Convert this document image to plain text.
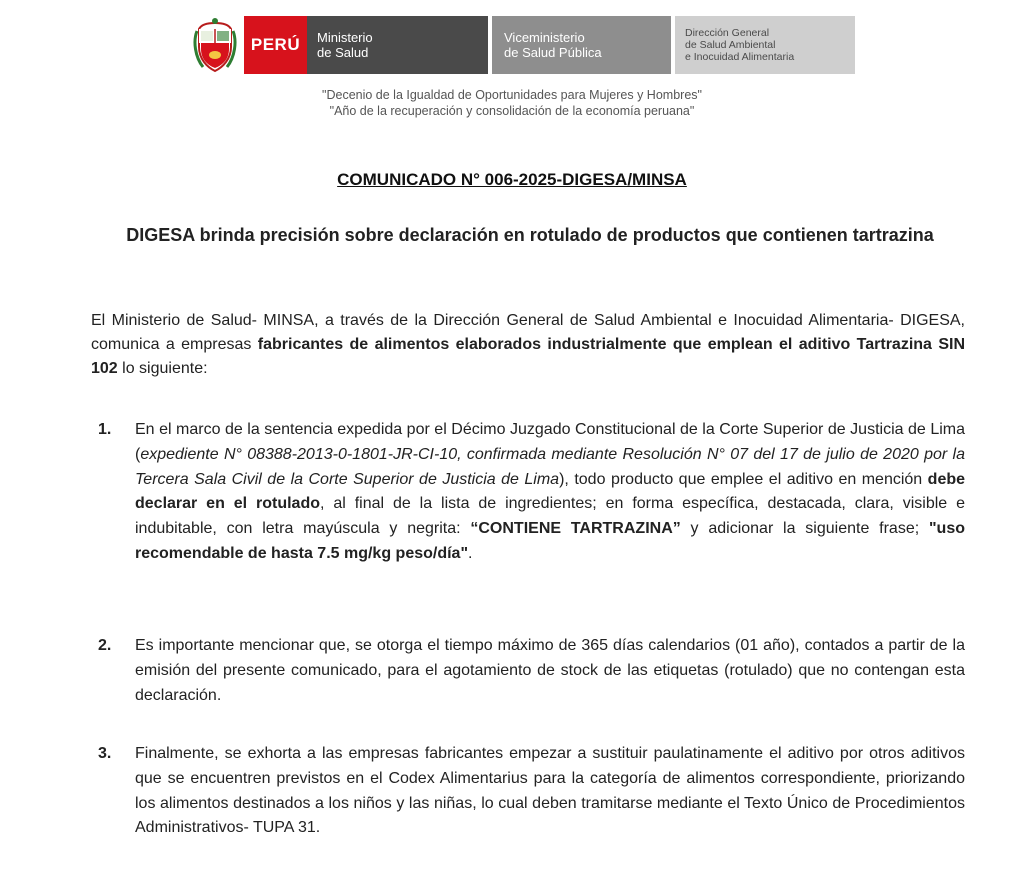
PERÚ Ministerio
de Salud
Viceministerio
de Salud Pública
Dirección General
de Salud Ambiental
e Inocuidad Alimentaria
"Decenio de la Igualdad de Oportunidades para Mujeres y Hombres"
"Año de la recuperación y consolidación de la economía peruana"
COMUNICADO N° 006-2025-DIGESA/MINSA
DIGESA brinda precisión sobre declaración en rotulado de productos que contienen tartrazina
El Ministerio de Salud- MINSA, a través de la Dirección General de Salud Ambiental e Inocuidad Alimentaria- DIGESA, comunica a empresas fabricantes de alimentos elaborados industrialmente que emplean el aditivo Tartrazina SIN 102 lo siguiente:
1. En el marco de la sentencia expedida por el Décimo Juzgado Constitucional de la Corte Superior de Justicia de Lima (expediente N° 08388-2013-0-1801-JR-CI-10, confirmada mediante Resolución N° 07 del 17 de julio de 2020 por la Tercera Sala Civil de la Corte Superior de Justicia de Lima), todo producto que emplee el aditivo en mención debe declarar en el rotulado, al final de la lista de ingredientes; en forma específica, destacada, clara, visible e indubitable, con letra mayúscula y negrita: “CONTIENE TARTRAZINA” y adicionar la siguiente frase; "uso recomendable de hasta 7.5 mg/kg peso/día".
2. Es importante mencionar que, se otorga el tiempo máximo de 365 días calendarios (01 año), contados a partir de la emisión del presente comunicado, para el agotamiento de stock de las etiquetas (rotulado) que no contengan esta declaración.
3. Finalmente, se exhorta a las empresas fabricantes empezar a sustituir paulatinamente el aditivo por otros aditivos que se encuentren previstos en el Codex Alimentarius para la categoría de alimentos correspondiente, priorizando los alimentos destinados a los niños y las niñas, lo cual deben tramitarse mediante el Texto Único de Procedimientos Administrativos- TUPA 31.
